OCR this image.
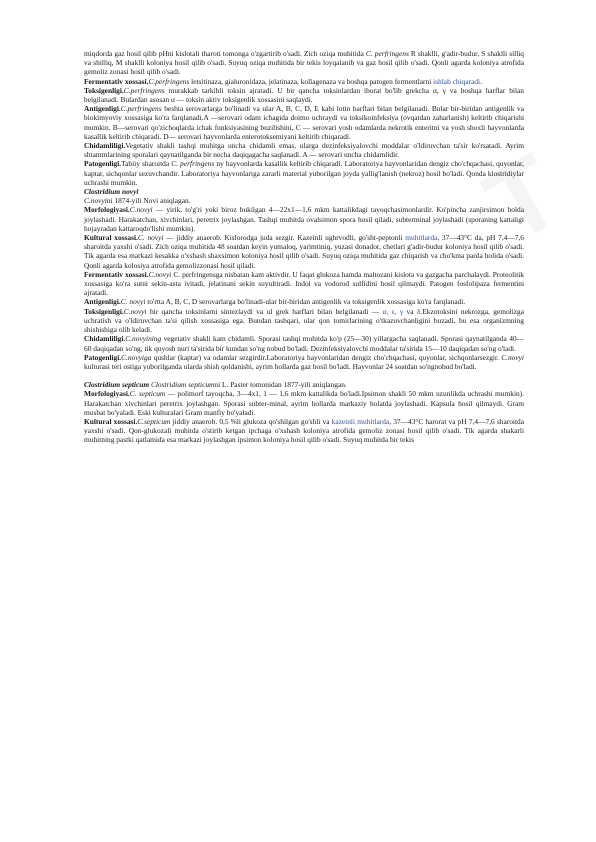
miqdorda gaz hosil qilib pHni kislotali tharoti tomonga o'zgartirib o'sadi. Zich oziqa muhitida C. perfringens R shaklli, g'adir-budur, S shaklli silliq va shilliq, M shaklli koloniya hosil qilib o'sadi. Suyuq oziqa muhitida bir tekis loyqalanib va gaz hosil qilib o'sadi. Qonli agarda koloniya atrofida gemoliz zonasi hosil qilib o'sadi.

Fermentativ xossasi.C.perfringens letsitinaza, gialuronidaza, jelatinaza, kollagenaza va boshqa patogen fermentlarni ishlab chiqaradi.

Toksigenligi.C.perfringens murakkab tarkibli toksin ajratadi. U bir qancha toksinlardan iborat bo'lib grekcha α, γ va boshqa harflar bilan belgilanadi. Bulardan asosan α — toksin aktiv toksigenlik xossasini saqlaydi.

Antigenligi.C.perfringens beshta serovarlarga bo'linadi va ular A, B, C, D, E kabi lotin harflari bilan belgilanadi. Bular bir-biridan antigenlik va biokimyoviy xossasiga ko'ra farqlanadi.A —serovari odam ichagida doimo uchraydi va toksikoinfeksiya (ovqatdan zaharlanish) keltirib chiqarishi mumkin. B—serovari qo'zichoqlarda ichak funksiyasining buzilishini, C — serovari yosh odamlarda nekrotik enteritni va yosh shoxli hayvonlarda kasallik keltirib chiqaradi. D— serovari hayvonlarda enterotoksemiyani keltirib chiqaradi.

Chidamliligi.Vegetativ shakli tashqi muhitga uncha chidamli emas, ularga dezinfeksiyalovchi moddalar o'ldiruvchan ta'sir ko'rsatadi. Ayrim shtammlarining sporalari qaynatilganda bir necha daqiqagacha saqlanadi. A — serovari uncha chidamlidir.

Patogenligi.Tabiiy sharoitda C. perfringens ny hayvonlarda kasallik keltirib chiqaradi. Laboratoriya hayvonlaridan dengiz cho'chqachasi, quyonlar, kaptar, sichqonlar sezuvchandir. Laboratoriya hayvonlariga zararli material yuborilgan joyda yallig'lanish (nekroz) hosil bo'ladi. Qonda klostridiylar uchrashi mumkin.

Clostridium novyi

C.novyini 1874-yili Novi aniqlagan.

Morfologiyasi.C.novyi — yirik, to'g'ri yoki biroz bukilgan 4—22x1—1,6 mkm kattalikdagi tayoqchasimonlardir. Ko'pincha zanjirsimon holda joylashadi. Harakatchan, xivchinlari, peretrix joylashgan. Tashqi muhitda ovalsimon spora hosil qiladi, subterminal joylashadi (sporaning kattaligi hujayradan kattaroqdo'lishi mumkin).

Kultural xossasi.C. novyi — jiddiy anaerob. Kislorodga juda sezgir. Kazeinli ughrvodli, go'sht-peptonli muhitlarda, 37—43°C da, pH 7,4—7,6 sharoitda yaxshi o'sadi. Zich oziqa muhitida 48 soatdan keyin yumaloq, yarimtiniq, yuzasi donador, chetlari g'adir-budur koloniya hosil qilib o'sadi. Tik agarda esa markazi kesakka o'xshash shaxsimon koloniya hosil qilib o'sadi. Suyuq oziqa muhitida gaz chiqarish va cho'kma parda holida o'sadi. Qonli agarda kolosiya atrofida gemolizzonasi hosil qiladi.

Fermentativ xossasi.C.novyi C. perfringensga nisbatan kam aktivdir. U faqat glukoza hamda maltozani kislota va gazgacha parchalaydi. Proteolitik xossasiga ko'ra sutni sekin-asta ivitadi, jelatinani sekin suyultiradi. Indol va vodorod sulfidini hosil qilmaydi. Patogen fosfolipaza fermentini ajratadi.

Antigenligi.C. novyi to'rtta A, B, C, D serovarlarga bo'linadi-ular bir-biridan antigenlik va toksigenlik xossasiga ko'ra farqlanadi.

Toksigenligi.C.novyi bir qancha toksinlarni sintezlaydi va ul grek harflari bilan belgilanadi — α, ɛ, γ va δ.Ekzotoksini nekrozga, gemolizga uchratish va o'ldiruvchan ta'si qilish xossasiga ega. Bundan tashqari, ular qon tomirlarining o'tkazuvchanligini buzadi, bu esa organizmning shishishiga olib keladi.

Chidamliligi.C.novyining vegetativ shakli kam chidamli. Sporasi tashqi muhitda ko'p (25—30) yillargacha saqlanadi. Sporasi qaynatilganda 40—60 daqiqadan so'ng, tik quyosh nuri ta'sirida bir kundan so'ng nobud bo'ladi. Dezinfeksiyalovchi moddalar ta'sirida 15—10 daqiqadan so'ng o'ladi.

Patogenligi.C.novyiga qushlar (kaptar) va odamlar sezgirdir.Laboratoriya hayvonlaridan dengiz cho'chqachasi, quyonlar, sichqonlarsezgir. C.novyi kulturasi teri ostiga yuborilganda ularda shish qoldanishi, ayrim hollarda gaz hosil bo'ladi. Hayvonlar 24 soatdan so'ngnobud bo'ladi.

Clostridium septicum Clostridium septicumni L. Paster tomonidan 1877-yili aniqlangan.

Morfologiyasi.C. septicum — polimorf tayoqcha, 3—4x1, 1 — 1,6 mkm kattalikda bo'ladi.Ipsimon shakli 50 mkm uzunlikda uchrashi mumkin). Harakatchan xivchinlari peretrix joylashgan. Sporasi subter-minal, ayrim hollarda markaziy holatda joylashadi. Kapsula hosil qilmaydi. Gram musbat bo'yaladi. Eski kulturalari Gram manfiy bo'yaladi.

Kultural xossasi.C.septicum jiddiy anaerob. 0,5 %li glukoza qo'shilgan go'shli va kazeinli muhitlarda, 37—43°C harorat va pH 7,4—7,6 sharoitda yaxshi o'sadi. Qon-glukozali muhitda o'stirib ketgan ipchaga o'xshash koloniya atrofida gemoliz zonasi hosil qilib o'sadi. Tik agarda shakarli muhitning pastki qatlamida esa markazi joylashgan ipsimon koloniya hosil qilib o'sadi. Suyuq muhitda bir tekis
